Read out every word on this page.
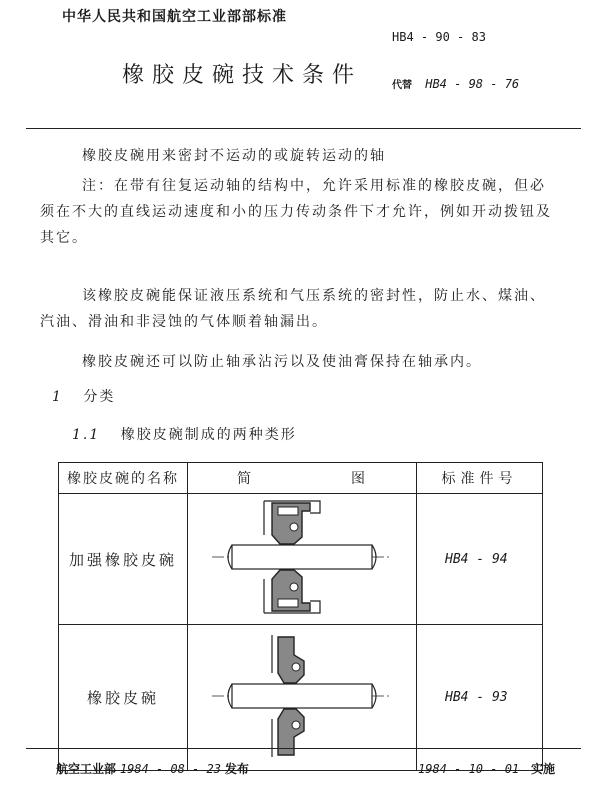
中华人民共和国航空工业部部标准
HB4 - 90 - 83
橡胶皮碗技术条件	代替 HB4 - 98 - 76

橡胶皮碗用来密封不运动的或旋转运动的轴

注：在带有往复运动轴的结构中，允许采用标准的橡胶皮碗，但必须在不大的直线运动速度和小的压力传动条件下才允许，例如开动拨钮及其它。

该橡胶皮碗能保证液压系统和气压系统的密封性，防止水、煤油、汽油、滑油和非浸蚀的气体顺着轴漏出。

橡胶皮碗还可以防止轴承沾污以及使油膏保持在轴承内。

1 分类
1.1 橡胶皮碗制成的两种类形
橡胶皮碗的名称	简 图	标准件号
加强橡胶皮碗		HB4 - 94
橡胶皮碗		HB4 - 93
航空工业部 1984 - 08 - 23 发布	1984 - 10 - 01 实施
